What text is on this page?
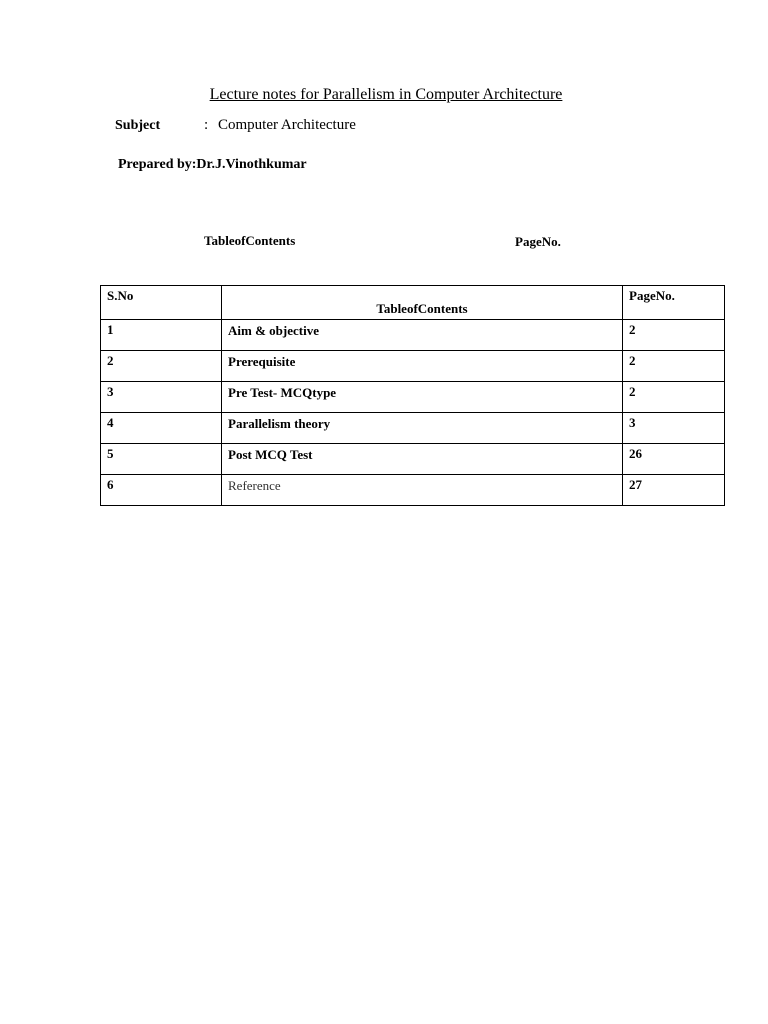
Lecture notes for Parallelism in Computer Architecture
Subject	: Computer Architecture
Prepared by:Dr.J.Vinothkumar
TableofContents	PageNo.
S.No	TableofContents	PageNo.
1	Aim & objective	2
2	Prerequisite	2
3	Pre Test- MCQtype	2
4	Parallelism theory	3
5	Post MCQ Test	26
6	Reference	27
